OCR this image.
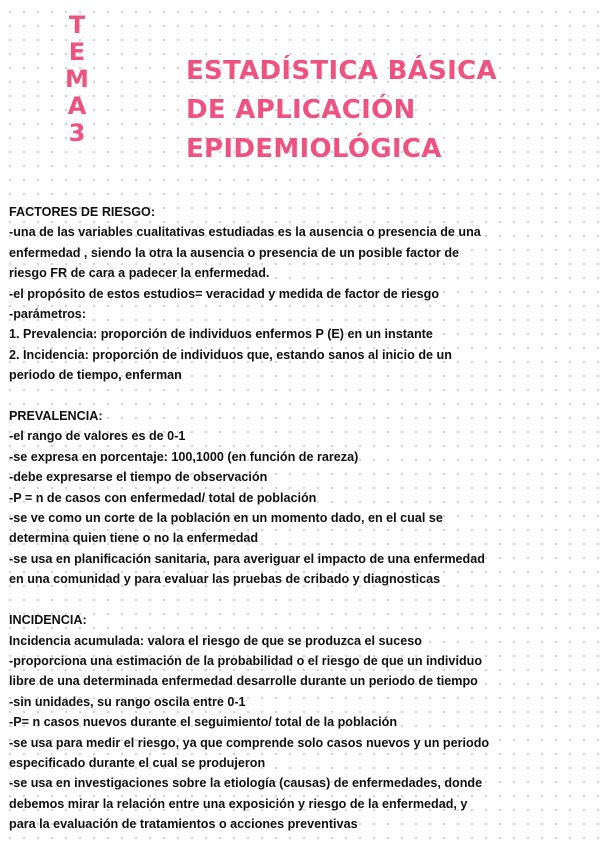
T
E
M
A
3
ESTADÍSTICA BÁSICA
DE APLICACIÓN
EPIDEMIOLÓGICA
FACTORES DE RIESGO:
-una de las variables cualitativas estudiadas es la ausencia o presencia de una
enfermedad , siendo la otra la ausencia o presencia de un posible factor de
riesgo FR de cara a padecer la enfermedad.
-el propósito de estos estudios= veracidad y medida de factor de riesgo
-parámetros:
1. Prevalencia: proporción de individuos enfermos P (E) en un instante
2. Incidencia: proporción de individuos que, estando sanos al inicio de un
periodo de tiempo, enferman
PREVALENCIA:
-el rango de valores es de 0-1
-se expresa en porcentaje: 100,1000 (en función de rareza)
-debe expresarse el tiempo de observación
-P = n de casos con enfermedad/ total de población
-se ve como un corte de la población en un momento dado, en el cual se
determina quien tiene o no la enfermedad
-se usa en planificación sanitaria, para averiguar el impacto de una enfermedad
en una comunidad y para evaluar las pruebas de cribado y diagnosticas
INCIDENCIA:
Incidencia acumulada: valora el riesgo de que se produzca el suceso
-proporciona una estimación de la probabilidad o el riesgo de que un individuo
libre de una determinada enfermedad desarrolle durante un periodo de tiempo
-sin unidades, su rango oscila entre 0-1
-P= n casos nuevos durante el seguimiento/ total de la población
-se usa para medir el riesgo, ya que comprende solo casos nuevos y un periodo
especificado durante el cual se produjeron
-se usa en investigaciones sobre la etiología (causas) de enfermedades, donde
debemos mirar la relación entre una exposición y riesgo de la enfermedad, y
para la evaluación de tratamientos o acciones preventivas
